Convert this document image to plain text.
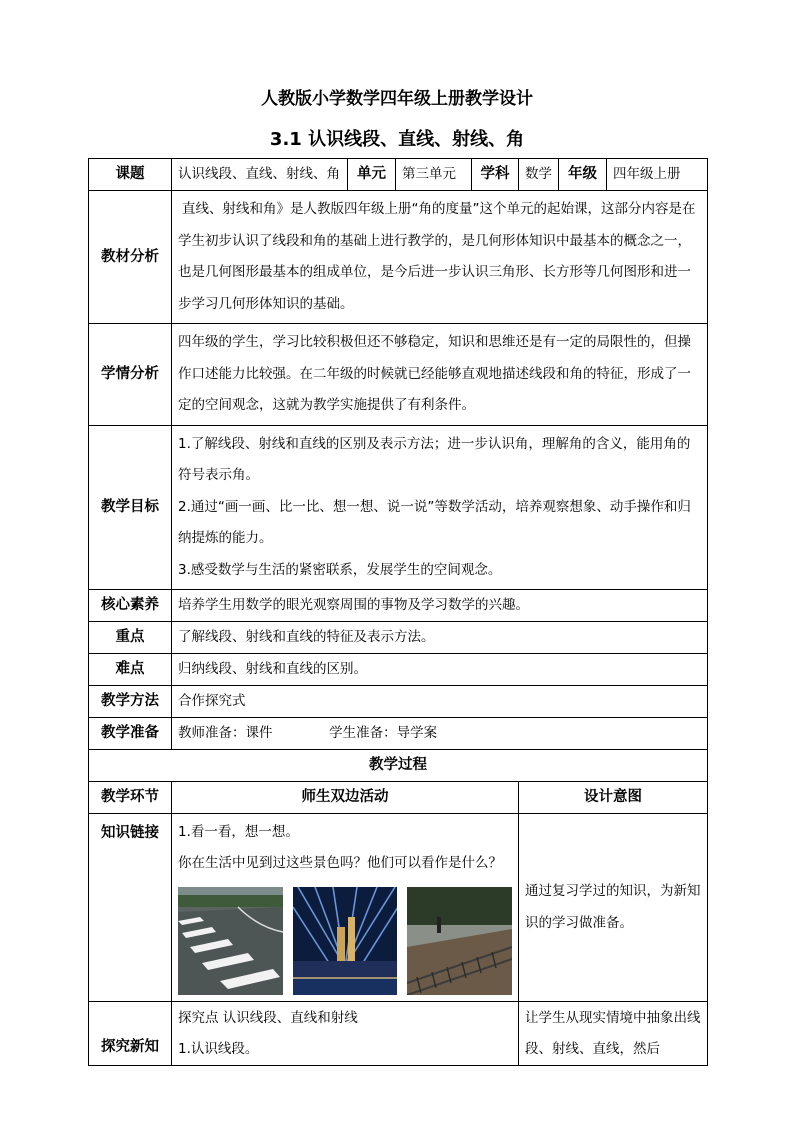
人教版小学数学四年级上册教学设计
3.1 认识线段、直线、射线、角
课题	认识线段、直线、射线、角	单元	第三单元	学科	数学	年级	四年级上册
教材分析	直线、射线和角》是人教版四年级上册“角的度量”这个单元的起始课，这部分内容是在学生初步认识了线段和角的基础上进行教学的，是几何形体知识中最基本的概念之一，也是几何图形最基本的组成单位，是今后进一步认识三角形、长方形等几何图形和进一步学习几何形体知识的基础。						
学情分析	四年级的学生，学习比较积极但还不够稳定，知识和思维还是有一定的局限性的，但操作口述能力比较强。在二年级的时候就已经能够直观地描述线段和角的特征，形成了一定的空间观念，这就为教学实施提供了有利条件。						
教学目标	1.了解线段、射线和直线的区别及表示方法；进一步认识角，理解角的含义，能用角的符号表示角。

2.通过“画一画、比一比、想一想、说一说”等数学活动，培养观察想象、动手操作和归纳提炼的能力。

3.感受数学与生活的紧密联系，发展学生的空间观念。						

核心素养	培养学生用数学的眼光观察周围的事物及学习数学的兴趣。						
重点	了解线段、射线和直线的特征及表示方法。						
难点	归纳线段、射线和直线的区别。						
教学方法	合作探究式						
教学准备	教师准备：课件 学生准备：导学案						
教学过程							
教学环节	师生双边活动				设计意图		
知识链接	1.看一看，想一想。

你在生活中见到过这些景色吗？他们可以看作是什么？				通过复习学过的知识，为新知识的学习做准备。		
探究新知	探究点 认识线段、直线和射线

1.认识线段。				让学生从现实情境中抽象出线段、射线、直线，然后		
